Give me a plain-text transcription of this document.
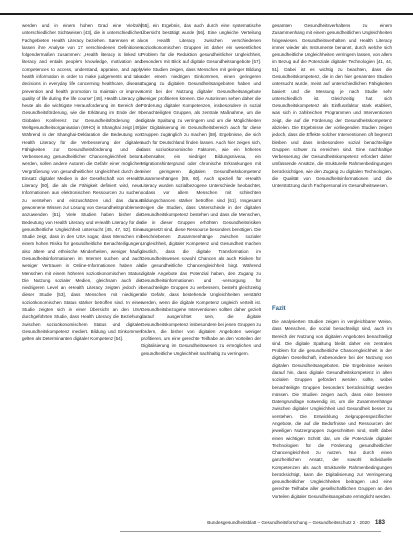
werden und in einem hohen Grad eine Vielzahl unterschiedlicher Sichtweisen [43], die in unterschiedlichen Fachgebieten Health Literacy beziehen. Sørensen et al. lassen ihre Analyse von 17 verschiedenen Definitionen folgendermaßen zusammen: „Health literacy is linked to literacy and entails people's knowledge, motivation and competences to access, understand, appraise, and apply health information in order to make judgements and take decisions in everyday life concerning healthcare, disease prevention and health promotion to maintain or improve quality of life during the life course“ [48]. Health Literacy gilt heute als die wichtigste Herausforderung im Bereich der Gesundheitsförderung, wie die Erklärung im Ende der 9. Globalen Konferenz zur Gesundheitsförderung der Weltgesundheitsorganisation (WHO) in Shanghai zeigt [49]. Während in der Shanghai-Deklaration die Bedeutung von Health Literacy für die Verbesserung der digitalen Fähigkeiten zur Gesundheitsförderung und die Verbesserung gesundheitlicher Chancengleichheit betont werden, sollen andere Autoren die Gefahr einer möglichen Vergrößerung von gesundheitlicher Ungleichheit durch den Einsatz digitaler Medien in der Gesellschaft von eHealth Literacy [50], die als die Fähigkeit definiert wird, neue Informationen aus elektronischen Ressourcen zu suchen, zu verstehen und einzuschätzen und das daraus gewonnene Wissen zur Lösung von Gesundheitsproblemen anzuwenden [51]. Viele Studien haben bisher die Bedeutung von Health Literacy und eHealth Literacy für die gesundheitliche Ungleichheit untersucht [45, 47, 52]. Eine Studie zeigt, dass in den USA sogar, dass Menschen mit einem hohen Risiko für gesundheitliche Benachteiligungen, also ältere und ethnische Minderheiten, weniger häufig Gesundheitsinformationen im Internet suchen und auch weniger Vertrauen in Online-Informationen haben als Menschen mit einem höheren sozioökonomischen Status. Die Nutzung sozialer Medien, gleichsam auch die niedrigeren Level an eHealth Literacy zeigten jedoch in dieser Studie [53], dass Menschen mit niedrigem sozioökonomischen Status stärker betroffen sind. In einer Studie zeigten sich in einer Übersicht an den USA durchgeführten Studie, dass Health Literacy die Beziehung zwischen sozioökonomischem Status und digitaler Gesundheitskompetenz mediert. Bildung und Einkommen gelten als Determinanten digitaler Kompetenz [54].

[55], ein Ergebnis, das auch durch eine systematische Übersicht bestätigt wurde [56]. Eine ungleiche Verteilung von Health Literacy zwischen verschiedenen sozioökonomischen Gruppen ist daher ein wesentliches Problem für die Reduktion gesundheitlicher Ungleichheit, besonders mit Blick auf digitale Gesundheitsangebote [57]. Viele Studien zeigen, dass Menschen mit geringer Bildung oder einem niedrigen Einkommen, einen geringeren Zugang zu digitalen Gesundheitsangeboten haben und somit bei der Nutzung digitaler Gesundheitsangebote weniger profitieren können. Die Autorinnen sehen daher die Förderung digitaler Kompetenzen, insbesondere in sozial benachteiligten Gruppen, als zentrale Maßnahme, um die digitale Spaltung zu verringern und um die Möglichkeiten der Digitalisierung im Gesundheitsbereich auch für diese Gruppen zugänglich zu machen [58]. Ergebnisse, die sich auch für Deutschland finden lassen. Auch hier zeigen sich, dass sozioökonomische Faktoren, wie ein höheres Lebensalter, ein niedriger Bildungsniveau, ein Migrationshintergrund oder chronische Erkrankungen mit einer geringeren digitalen Gesundheitskompetenz zusammenhängen [59, 60]. Auch speziell für eHealth Literacy wurden sozialbezogene Unterschiede beobachtet, sodass vor allem Menschen mit schlechten Bildungschancen stärker betroffen sind [61]. Insgesamt zeigen die Studien, dass Unterschiede in der digitalen Gesundheitskompetenz bestehen und dass die Menschen, die in dieser Gruppen erhöhten Gesundheitsrisiken ausgesetzt sind, diese Ressource besonders benötigen. Die beschriebenen Zusammenhänge zwischen sozialer Ungleichheit, digitaler Kompetenz und Gesundheit machen deutlich, dass die digitale Transformation im Gesundheitswesen sowohl Chancen als auch Risiken für die gesundheitliche Chancengleichheit birgt. Während digitale Angebote das Potenzial haben, den Zugang zu Gesundheitsinformationen und -versorgung für benachteiligte Gruppen zu verbessern, besteht gleichzeitig die Gefahr, dass bestehende Ungleichheiten verstärkt werden, wenn die digitale Kompetenz ungleich verteilt ist. Gesundheitsbezogene Interventionen sollten daher gezielt darauf ausgerichtet sein, die digitale Gesundheitskompetenz insbesondere bei jenen Gruppen zu fördern, die bisher von digitalen Angeboten weniger profitieren, um eine gerechte Teilhabe an den Vorteilen der Digitalisierung im Gesundheitswesen zu ermöglichen und gesundheitliche Ungleichheit nachhaltig zu verringern.

gesamten Gesundheitsverhaltens zu einem Zusammenhang mit einem gesundheitlichen Ungleichheiten hingewiesen. Gesundheitsverhalten und Health Literacy immer wieder als Instrumente benannt, durch welche sich gesundheitliche Ungleichheiten verringern lassen, von allem im Bezug auf die Potenziale digitaler Technologien [41, 44, 51]. Dabei ist es wichtig zu beachten, dass die Gesundheitskompetenz, die in den hier genannten Studien untersucht wurde, meist auf unterschiedlichen Fähigkeiten basiert und die Messung je nach Studie sehr unterschiedlich ist. Gleichzeitig hat sich Gesundheitskompetenz als Einflussfaktor stark etabliert, was sich in zahlreichen Programmen und Interventionen zeigt, die auf die Förderung der Gesundheitskompetenz abzielen. Die Ergebnisse der vorliegenden Studien zeigen jedoch, dass die Effekte solcher Interventionen oft begrenzt bleiben und dass insbesondere sozial benachteiligte Gruppen schwer zu erreichen sind. Eine nachhaltige Verbesserung der Gesundheitskompetenz erfordert daher umfassende Ansätze, die strukturelle Rahmenbedingungen berücksichtigen, wie den Zugang zu digitalen Technologien, die Qualität von Gesundheitsinformationen und die Unterstützung durch Fachpersonal im Gesundheitswesen.

Fazit

Die analysierten Studien zeigen in vergleichbarer Weise, dass Menschen, die sozial benachteiligt sind, auch im Bereich der Nutzung von digitalen Angeboten benachteiligt sind. Die digitale Spaltung bleibt daher ein zentrales Problem für die gesundheitliche Chancengleichheit in der digitalen Gesellschaft, insbesondere bei der Nutzung von digitalen Gesundheitsangeboten. Die Ergebnisse weisen darauf hin, dass digitale Gesundheitskompetenz in allen sozialen Gruppen gefördert werden sollte, wobei benachteiligte Gruppen besonders berücksichtigt werden müssen. Die Studien zeigen auch, dass eine bessere Datengrundlage notwendig ist, um die Zusammenhänge zwischen digitaler Ungleichheit und Gesundheit besser zu verstehen. Die Entwicklung zielgruppenspezifischer Angebote, die auf die Bedürfnisse und Ressourcen der jeweiligen Nutzergruppen zugeschnitten sind, stellt dabei einen wichtigen Schritt dar, um die Potenziale digitaler Technologien für die Förderung gesundheitlicher Chancengleichheit zu nutzen. Nur durch einen ganzheitlichen Ansatz, der sowohl individuelle Kompetenzen als auch strukturelle Rahmenbedingungen berücksichtigt, kann die Digitalisierung zur Verringerung gesundheitlicher Ungleichheiten beitragen und eine gerechte Teilhabe aller gesellschaftlichen Gruppen an den Vorteilen digitaler Gesundheitsangebote ermöglicht werden.

Bundesgesundheitsblatt – Gesundheitsforschung – Gesundheitsschutz 2 · 2020 183
